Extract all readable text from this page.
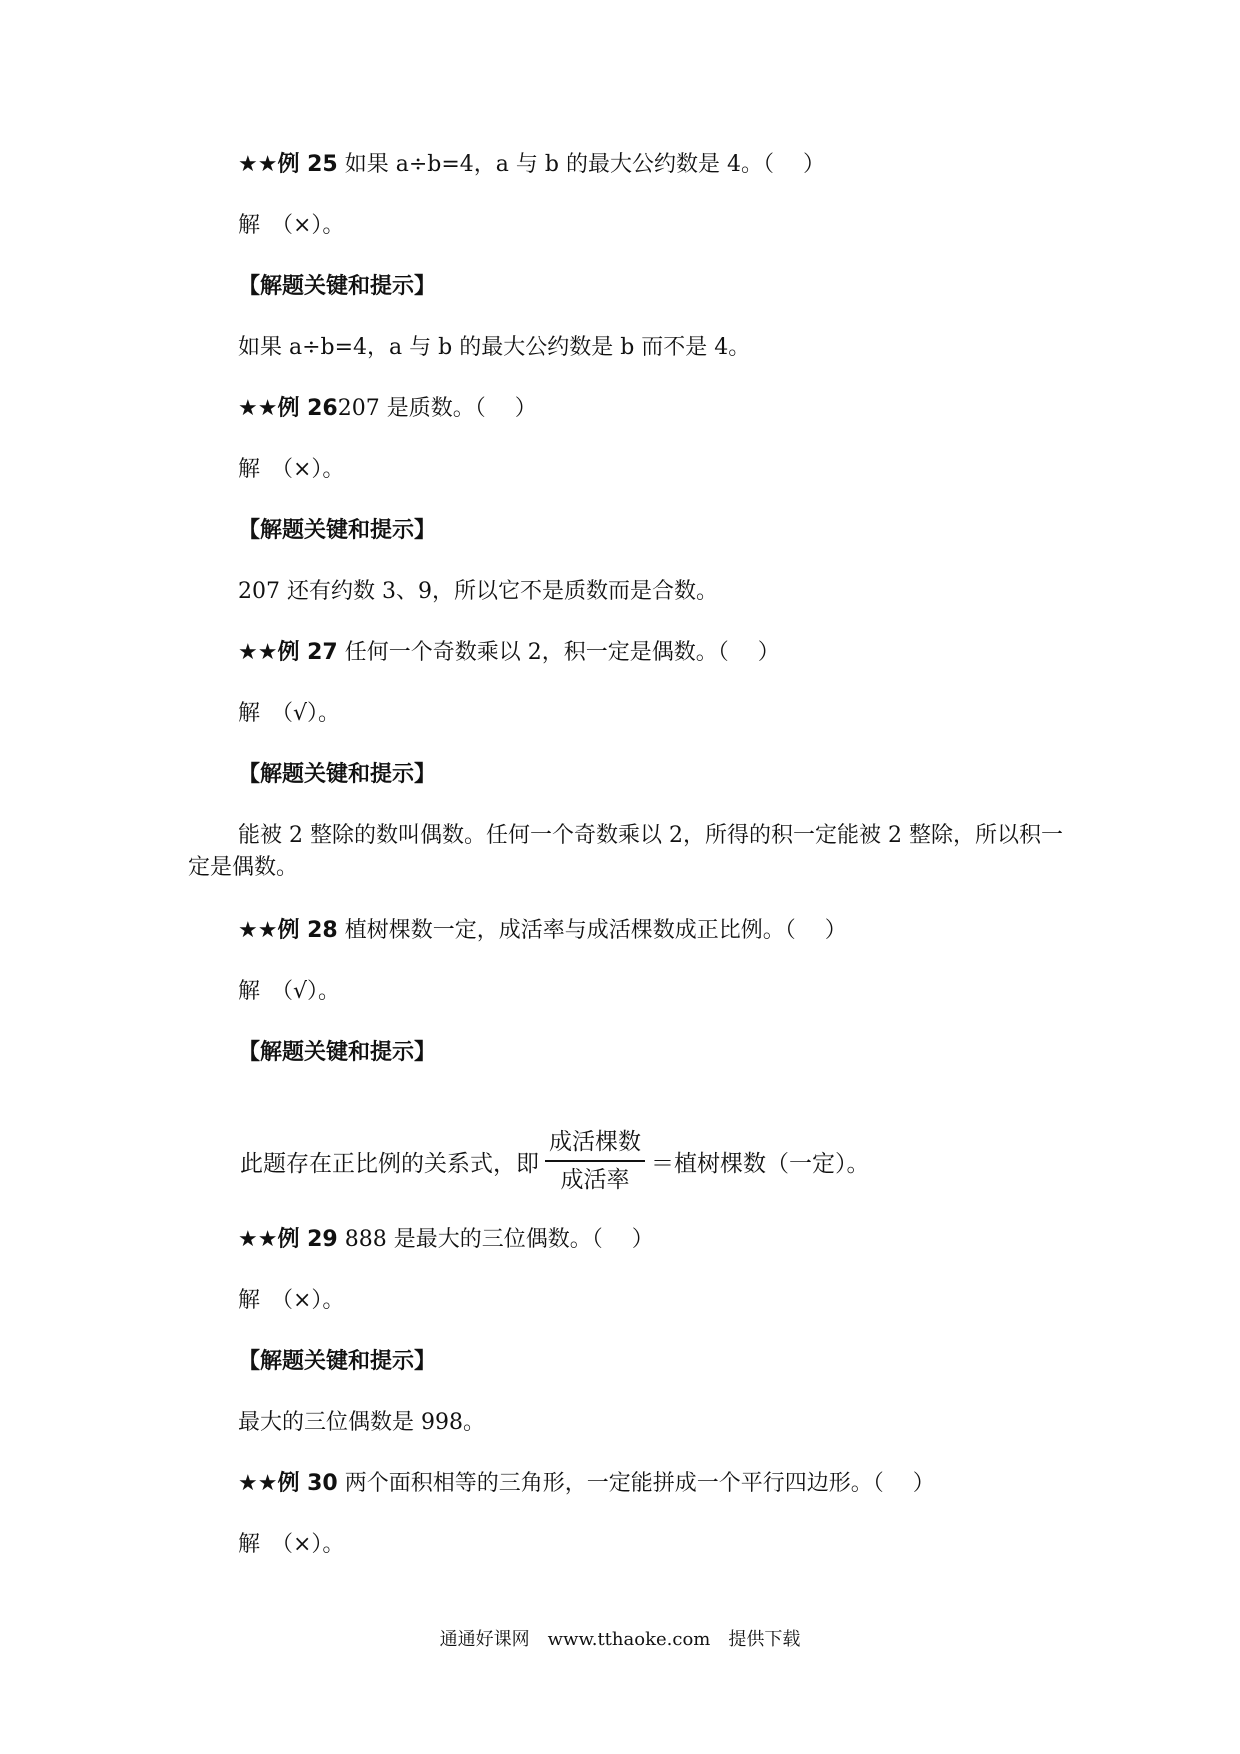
★★例 25 如果 a÷b=4，a 与 b 的最大公约数是 4。（　 ）
解　（×）。
【解题关键和提示】
如果 a÷b=4，a 与 b 的最大公约数是 b 而不是 4。
★★例 26207 是质数。（　 ）
解　（×）。
【解题关键和提示】
207 还有约数 3、9，所以它不是质数而是合数。
★★例 27 任何一个奇数乘以 2，积一定是偶数。（　 ）
解　（√）。
【解题关键和提示】
能被 2 整除的数叫偶数。任何一个奇数乘以 2，所得的积一定能被 2 整除，所以积一定是偶数。
★★例 28 植树棵数一定，成活率与成活棵数成正比例。（　 ）
解　（√）。
【解题关键和提示】
此题存在正比例的关系式，即 $\frac{\text{成活棵数}}{\text{成活率}}$ ＝植树棵数（一定）。
★★例 29 888 是最大的三位偶数。（　 ）
解　（×）。
【解题关键和提示】
最大的三位偶数是 998。
★★例 30 两个面积相等的三角形，一定能拼成一个平行四边形。（　 ）
解　（×）。
通通好课网　www.tthaoke.com　提供下载
